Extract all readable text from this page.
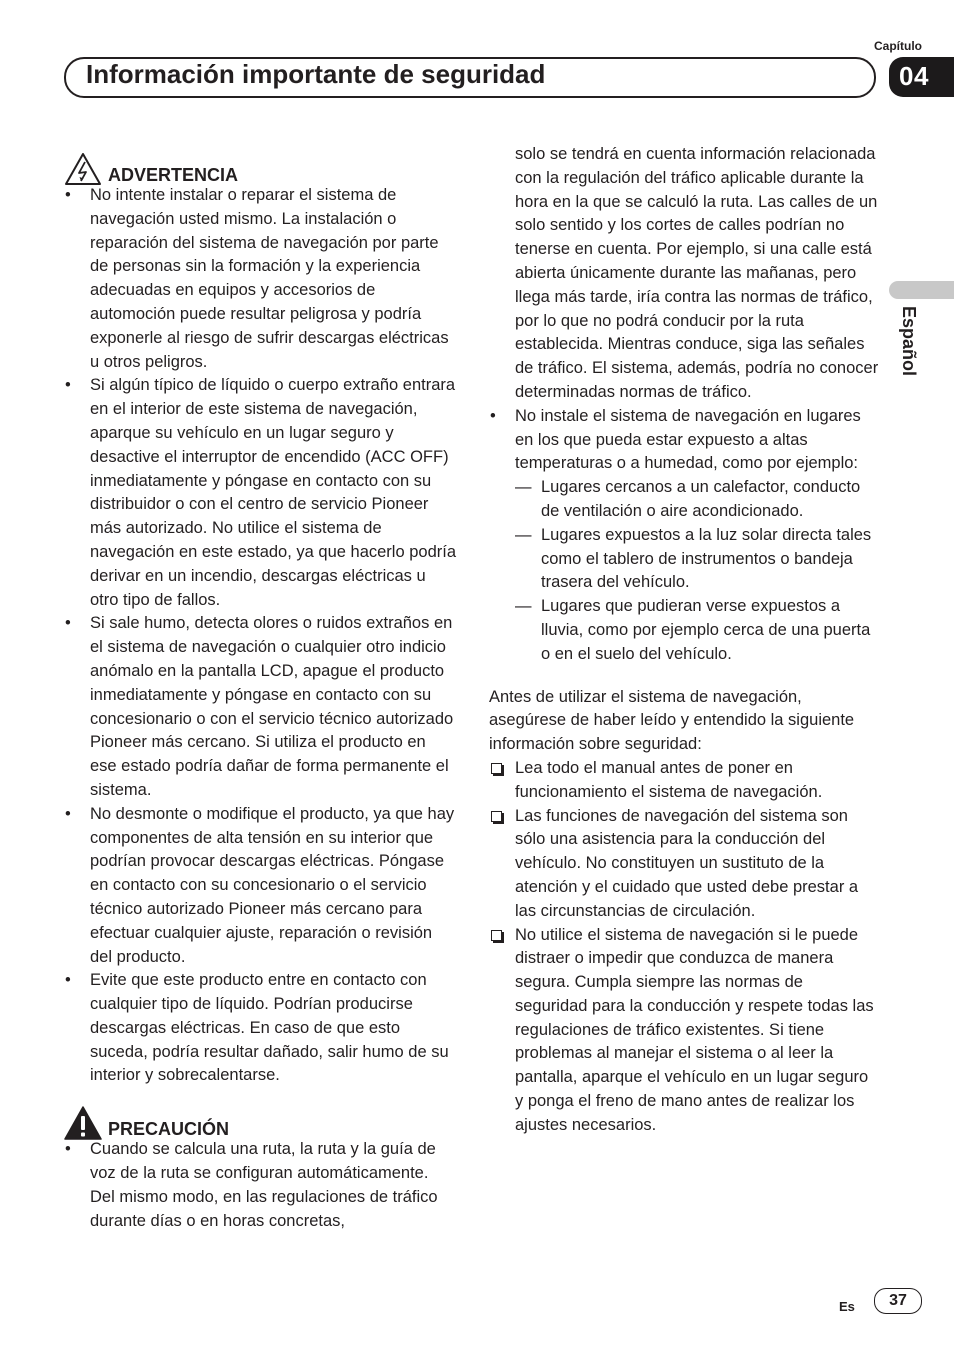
Capítulo
04
Información importante de seguridad
Español
ADVERTENCIA

• No intente instalar o reparar el sistema de navegación usted mismo. La instalación o reparación del sistema de navegación por parte de personas sin la formación y la experiencia adecuadas en equipos y accesorios de automoción puede resultar peligrosa y podría exponerle al riesgo de sufrir descargas eléctricas u otros peligros.

• Si algún típico de líquido o cuerpo extraño entrara en el interior de este sistema de navegación, aparque su vehículo en un lugar seguro y desactive el interruptor de encendido (ACC OFF) inmediatamente y póngase en contacto con su distribuidor o con el centro de servicio Pioneer más autorizado. No utilice el sistema de navegación en este estado, ya que hacerlo podría derivar en un incendio, descargas eléctricas u otro tipo de fallos.

• Si sale humo, detecta olores o ruidos extraños en el sistema de navegación o cualquier otro indicio anómalo en la pantalla LCD, apague el producto inmediatamente y póngase en contacto con su concesionario o con el servicio técnico autorizado Pioneer más cercano. Si utiliza el producto en ese estado podría dañar de forma permanente el sistema.

• No desmonte o modifique el producto, ya que hay componentes de alta tensión en su interior que podrían provocar descargas eléctricas. Póngase en contacto con su concesionario o el servicio técnico autorizado Pioneer más cercano para efectuar cualquier ajuste, reparación o revisión del producto.

• Evite que este producto entre en contacto con cualquier tipo de líquido. Podrían producirse descargas eléctricas. En caso de que esto suceda, podría resultar dañado, salir humo de su interior y sobrecalentarse.

PRECAUCIÓN

• Cuando se calcula una ruta, la ruta y la guía de voz de la ruta se configuran automáticamente. Del mismo modo, en las regulaciones de tráfico durante días o en horas concretas,

solo se tendrá en cuenta información relacionada con la regulación del tráfico aplicable durante la hora en la que se calculó la ruta. Las calles de un solo sentido y los cortes de calles podrían no tenerse en cuenta. Por ejemplo, si una calle está abierta únicamente durante las mañanas, pero llega más tarde, iría contra las normas de tráfico, por lo que no podrá conducir por la ruta establecida. Mientras conduce, siga las señales de tráfico. El sistema, además, podría no conocer determinadas normas de tráfico.

• No instale el sistema de navegación en lugares en los que pueda estar expuesto a altas temperaturas o a humedad, como por ejemplo:

— Lugares cercanos a un calefactor, conducto de ventilación o aire acondicionado.

— Lugares expuestos a la luz solar directa tales como el tablero de instrumentos o bandeja trasera del vehículo.

— Lugares que pudieran verse expuestos a lluvia, como por ejemplo cerca de una puerta o en el suelo del vehículo.

Antes de utilizar el sistema de navegación, asegúrese de haber leído y entendido la siguiente información sobre seguridad:

Lea todo el manual antes de poner en funcionamiento el sistema de navegación.

Las funciones de navegación del sistema son sólo una asistencia para la conducción del vehículo. No constituyen un sustituto de la atención y el cuidado que usted debe prestar a las circunstancias de circulación.

No utilice el sistema de navegación si le puede distraer o impedir que conduzca de manera segura. Cumpla siempre las normas de seguridad para la conducción y respete todas las regulaciones de tráfico existentes. Si tiene problemas al manejar el sistema o al leer la pantalla, aparque el vehículo en un lugar seguro y ponga el freno de mano antes de realizar los ajustes necesarios.

Es	37
